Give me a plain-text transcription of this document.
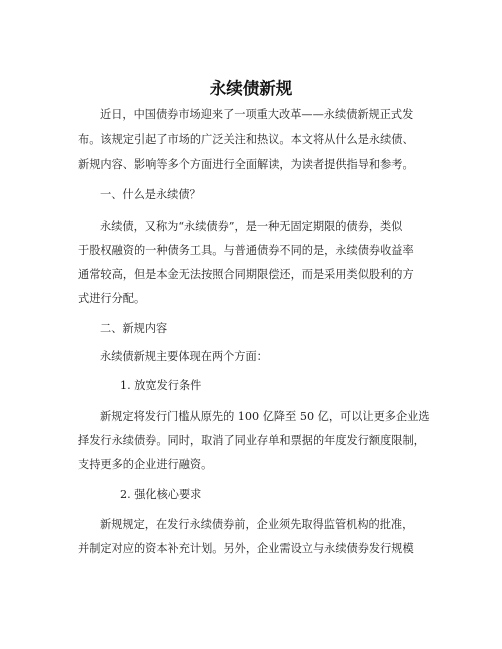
永续债新规
近日，中国债券市场迎来了一项重大改革——永续债新规正式发
布。该规定引起了市场的广泛关注和热议。本文将从什么是永续债、
新规内容、影响等多个方面进行全面解读，为读者提供指导和参考。
一、什么是永续债？
永续债，又称为“永续债券”，是一种无固定期限的债券，类似
于股权融资的一种债务工具。与普通债券不同的是，永续债券收益率
通常较高，但是本金无法按照合同期限偿还，而是采用类似股利的方
式进行分配。
二、新规内容
永续债新规主要体现在两个方面：
1. 放宽发行条件
新规定将发行门槛从原先的 100 亿降至 50 亿，可以让更多企业选
择发行永续债券。同时，取消了同业存单和票据的年度发行额度限制，
支持更多的企业进行融资。
2. 强化核心要求
新规规定，在发行永续债券前，企业须先取得监管机构的批准，
并制定对应的资本补充计划。另外，企业需设立与永续债券发行规模
